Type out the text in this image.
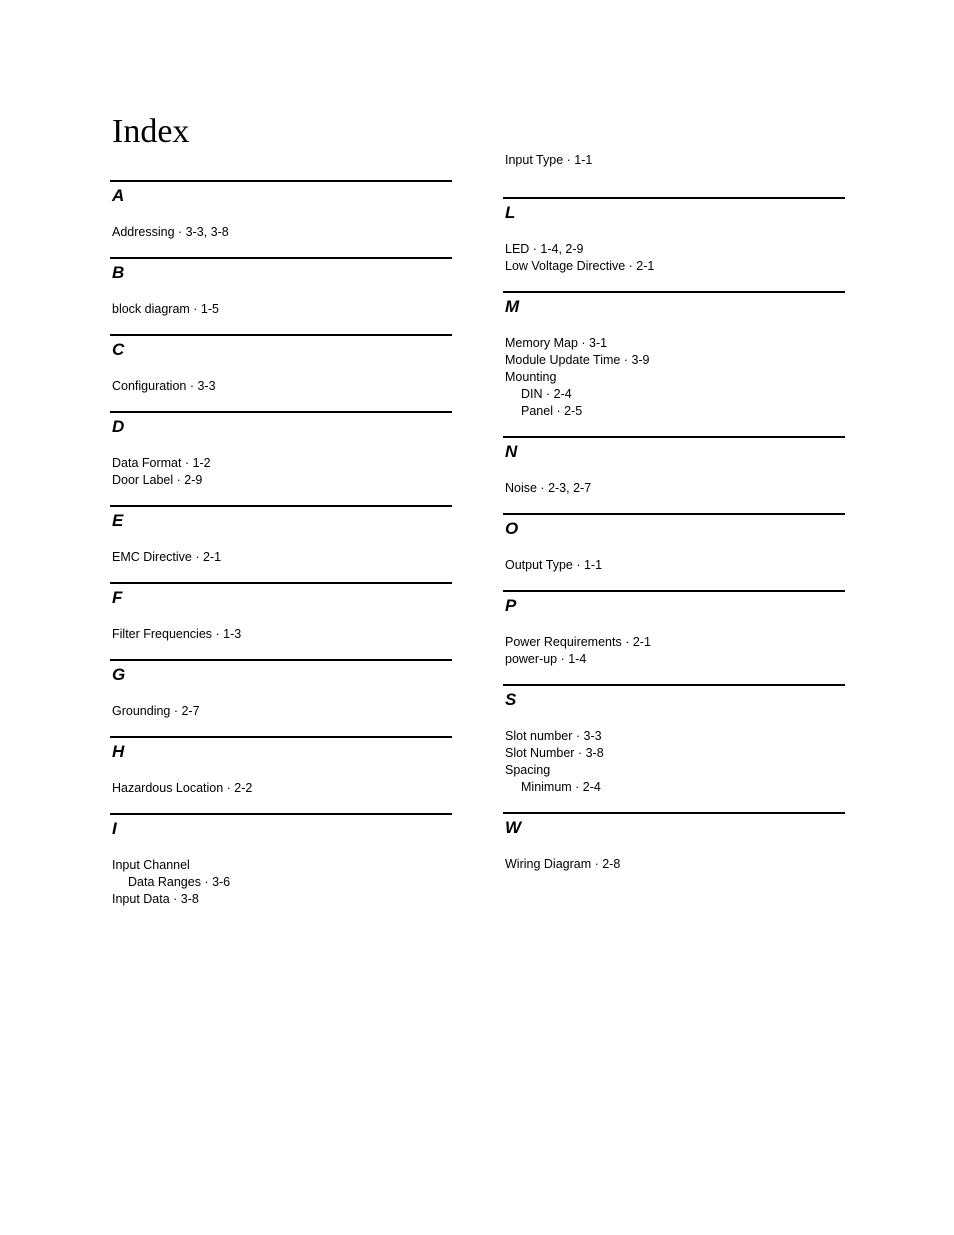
Index
Input Type · 1-1
A
Addressing · 3-3, 3-8
B
block diagram · 1-5
C
Configuration · 3-3
D
Data Format · 1-2
Door Label · 2-9
E
EMC Directive · 2-1
F
Filter Frequencies · 1-3
G
Grounding · 2-7
H
Hazardous Location · 2-2
I
Input Channel
Data Ranges · 3-6
Input Data · 3-8
L
LED · 1-4, 2-9
Low Voltage Directive · 2-1
M
Memory Map · 3-1
Module Update Time · 3-9
Mounting
DIN · 2-4
Panel · 2-5
N
Noise · 2-3, 2-7
O
Output Type · 1-1
P
Power Requirements · 2-1
power-up · 1-4
S
Slot number · 3-3
Slot Number · 3-8
Spacing
Minimum · 2-4
W
Wiring Diagram · 2-8
